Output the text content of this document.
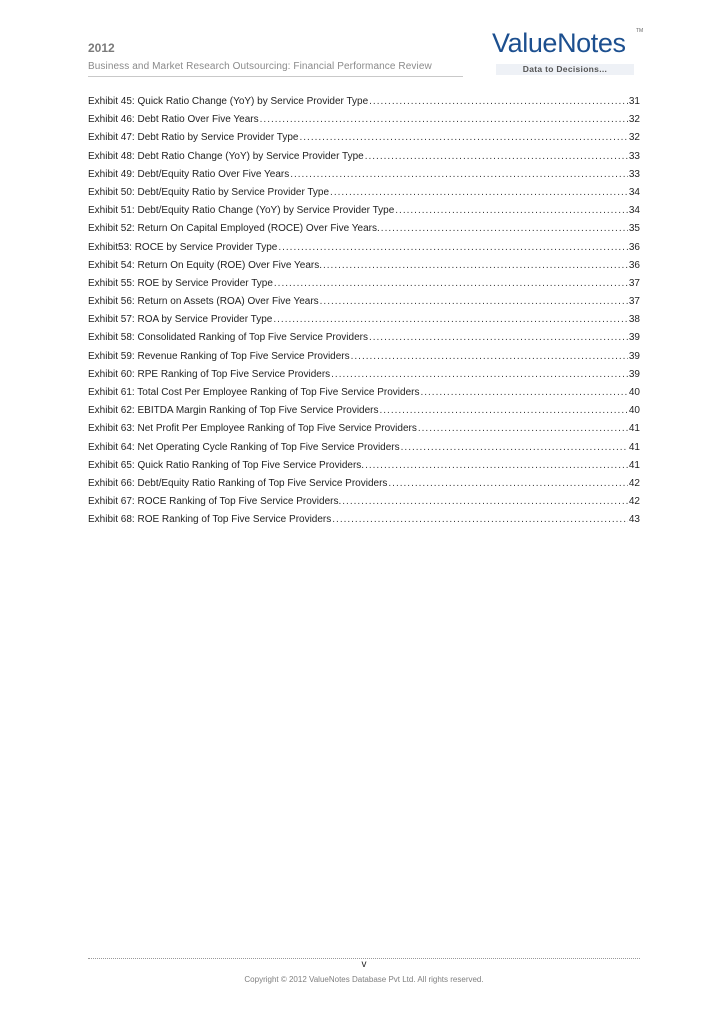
2012
Business and Market Research Outsourcing: Financial Performance Review
ValueNotes TM
Data to Decisions...
Exhibit 45: Quick Ratio Change (YoY) by Service Provider Type .....	31
Exhibit 46: Debt Ratio Over Five Years .....	32
Exhibit 47: Debt Ratio by Service Provider Type .....	32
Exhibit 48: Debt Ratio Change (YoY) by Service Provider Type .....	33
Exhibit 49: Debt/Equity Ratio Over Five Years .....	33
Exhibit 50: Debt/Equity Ratio by Service Provider Type .....	34
Exhibit 51: Debt/Equity Ratio Change (YoY) by Service Provider Type .....	34
Exhibit 52: Return On Capital Employed (ROCE) Over Five Years. .....	35
Exhibit53: ROCE by Service Provider Type .....	36
Exhibit 54: Return On Equity (ROE) Over Five Years. .....	36
Exhibit 55: ROE by Service Provider Type .....	37
Exhibit 56: Return on Assets (ROA) Over Five Years .....	37
Exhibit 57: ROA by Service Provider Type .....	38
Exhibit 58: Consolidated Ranking of Top Five Service Providers .....	39
Exhibit 59: Revenue Ranking of Top Five Service Providers .....	39
Exhibit 60: RPE Ranking of Top Five Service Providers .....	39
Exhibit 61: Total Cost Per Employee Ranking of Top Five Service Providers .....	40
Exhibit 62: EBITDA Margin Ranking of Top Five Service Providers .....	40
Exhibit 63: Net Profit Per Employee Ranking of Top Five Service Providers .....	41
Exhibit 64: Net Operating Cycle Ranking of Top Five Service Providers .....	41
Exhibit 65: Quick Ratio Ranking of Top Five Service Providers. .....	41
Exhibit 66: Debt/Equity Ratio Ranking of Top Five Service Providers .....	42
Exhibit 67: ROCE Ranking of Top Five Service Providers. .....	42
Exhibit 68: ROE Ranking of Top Five Service Providers .....	43
v
Copyright © 2012 ValueNotes Database Pvt Ltd. All rights reserved.
